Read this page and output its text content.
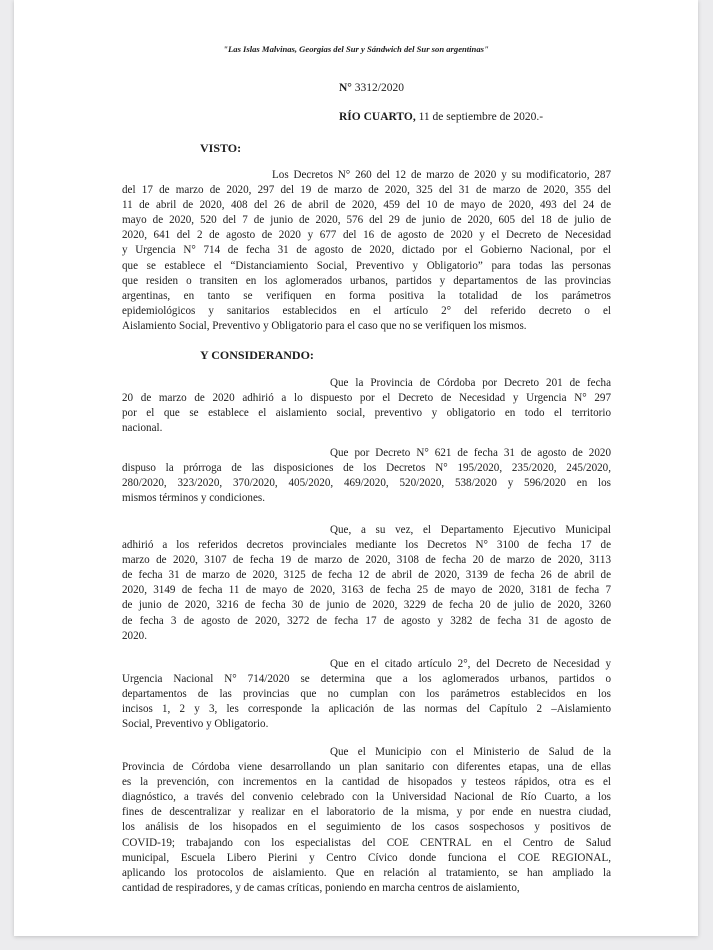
"Las Islas Malvinas, Georgias del Sur y Sándwich del Sur son argentinas"
N° 3312/2020
RÍO CUARTO, 11 de septiembre de 2020.-
VISTO:
Los Decretos N° 260 del 12 de marzo de 2020 y su modificatorio, 287
del 17 de marzo de 2020, 297 del 19 de marzo de 2020, 325 del 31 de marzo de 2020, 355 del
11 de abril de 2020, 408 del 26 de abril de 2020, 459 del 10 de mayo de 2020, 493 del 24 de
mayo de 2020, 520 del 7 de junio de 2020, 576 del 29 de junio de 2020, 605 del 18 de julio de
2020, 641 del 2 de agosto de 2020 y 677 del 16 de agosto de 2020 y el Decreto de Necesidad
y Urgencia N° 714 de fecha 31 de agosto de 2020, dictado por el Gobierno Nacional, por el
que se establece el “Distanciamiento Social, Preventivo y Obligatorio” para todas las personas
que residen o transiten en los aglomerados urbanos, partidos y departamentos de las provincias
argentinas, en tanto se verifiquen en forma positiva la totalidad de los parámetros
epidemiológicos y sanitarios establecidos en el artículo 2° del referido decreto o el
Aislamiento Social, Preventivo y Obligatorio para el caso que no se verifiquen los mismos.
Y CONSIDERANDO:
Que la Provincia de Córdoba por Decreto 201 de fecha
20 de marzo de 2020 adhirió a lo dispuesto por el Decreto de Necesidad y Urgencia N° 297
por el que se establece el aislamiento social, preventivo y obligatorio en todo el territorio
nacional.
Que por Decreto N° 621 de fecha 31 de agosto de 2020
dispuso la prórroga de las disposiciones de los Decretos N° 195/2020, 235/2020, 245/2020,
280/2020, 323/2020, 370/2020, 405/2020, 469/2020, 520/2020, 538/2020 y 596/2020 en los
mismos términos y condiciones.
Que, a su vez, el Departamento Ejecutivo Municipal
adhirió a los referidos decretos provinciales mediante los Decretos N° 3100 de fecha 17 de
marzo de 2020, 3107 de fecha 19 de marzo de 2020, 3108 de fecha 20 de marzo de 2020, 3113
de fecha 31 de marzo de 2020, 3125 de fecha 12 de abril de 2020, 3139 de fecha 26 de abril de
2020, 3149 de fecha 11 de mayo de 2020, 3163 de fecha 25 de mayo de 2020, 3181 de fecha 7
de junio de 2020, 3216 de fecha 30 de junio de 2020, 3229 de fecha 20 de julio de 2020, 3260
de fecha 3 de agosto de 2020, 3272 de fecha 17 de agosto y 3282 de fecha 31 de agosto de
2020.
Que en el citado artículo 2°, del Decreto de Necesidad y
Urgencia Nacional N° 714/2020 se determina que a los aglomerados urbanos, partidos o
departamentos de las provincias que no cumplan con los parámetros establecidos en los
incisos 1, 2 y 3, les corresponde la aplicación de las normas del Capítulo 2 –Aislamiento
Social, Preventivo y Obligatorio.
Que el Municipio con el Ministerio de Salud de la
Provincia de Córdoba viene desarrollando un plan sanitario con diferentes etapas, una de ellas
es la prevención, con incrementos en la cantidad de hisopados y testeos rápidos, otra es el
diagnóstico, a través del convenio celebrado con la Universidad Nacional de Río Cuarto, a los
fines de descentralizar y realizar en el laboratorio de la misma, y por ende en nuestra ciudad,
los análisis de los hisopados en el seguimiento de los casos sospechosos y positivos de
COVID-19; trabajando con los especialistas del COE CENTRAL en el Centro de Salud
municipal, Escuela Libero Pierini y Centro Cívico donde funciona el COE REGIONAL,
aplicando los protocolos de aislamiento. Que en relación al tratamiento, se han ampliado la
cantidad de respiradores, y de camas críticas, poniendo en marcha centros de aislamiento,
